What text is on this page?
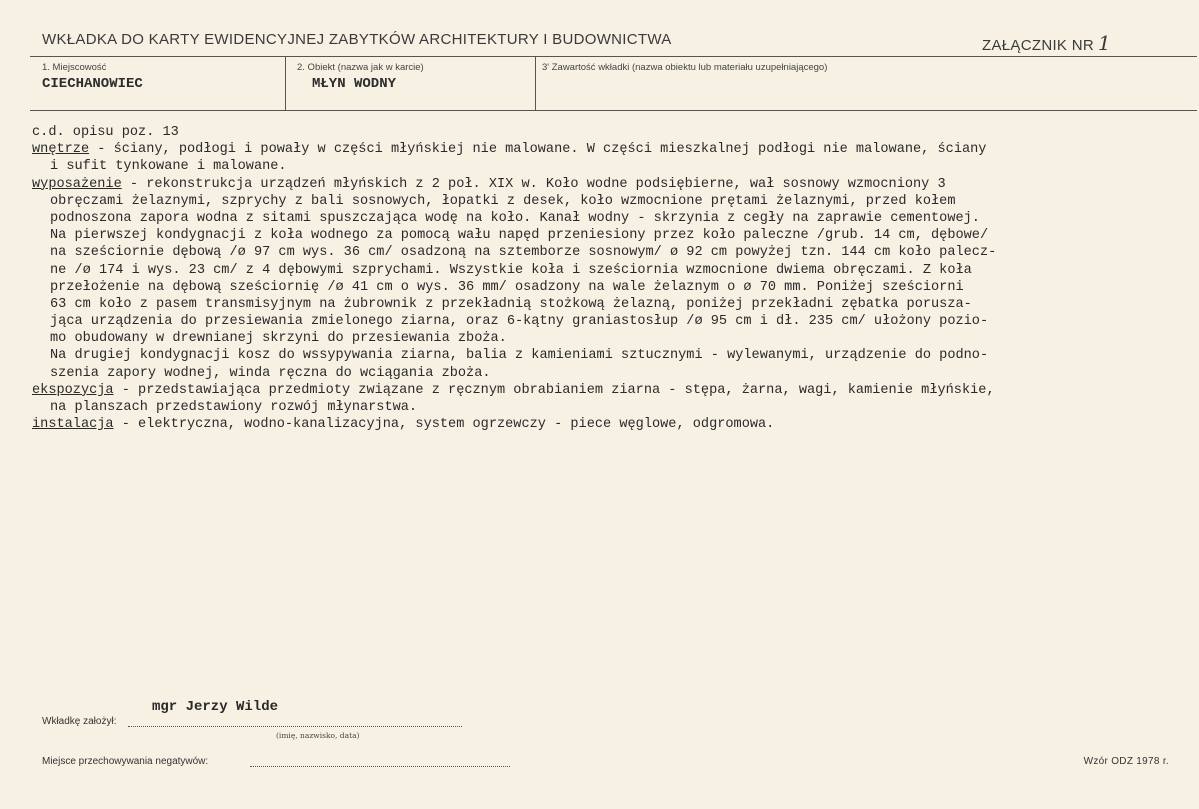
WKŁADKA DO KARTY EWIDENCYJNEJ ZABYTKÓW ARCHITEKTURY I BUDOWNICTWA	ZAŁĄCZNIK NR 1
1. Miejscowość
CIECHANOWIEC
2. Obiekt (nazwa jak w karcie)
MŁYN WODNY
3' Zawartość wkładki (nazwa obiektu lub materiału uzupełniającego)
c.d. opisu poz. 13
wnętrze - ściany, podłogi i powały w części młyńskiej nie malowane. W części mieszkalnej podłogi nie malowane, ściany
i sufit tynkowane i malowane.
wyposażenie - rekonstrukcja urządzeń młyńskich z 2 poł. XIX w. Koło wodne podsiębierne, wał sosnowy wzmocniony 3
obręczami żelaznymi, szprychy z bali sosnowych, łopatki z desek, koło wzmocnione prętami żelaznymi, przed kołem
podnoszona zapora wodna z sitami spuszczająca wodę na koło. Kanał wodny - skrzynia z cegły na zaprawie cementowej.
Na pierwszej kondygnacji z koła wodnego za pomocą wału napęd przeniesiony przez koło paleczne /grub. 14 cm, dębowe/
na sześciornie dębową /ø 97 cm wys. 36 cm/ osadzoną na sztemborze sosnowym/ ø 92 cm powyżej tzn. 144 cm koło palecz-
ne /ø 174 i wys. 23 cm/ z 4 dębowymi szprychami. Wszystkie koła i sześciornia wzmocnione dwiema obręczami. Z koła
przełożenie na dębową sześciornię /ø 41 cm o wys. 36 mm/ osadzony na wale żelaznym o ø 70 mm. Poniżej sześciorni
63 cm koło z pasem transmisyjnym na żubrownik z przekładnią stożkową żelazną, poniżej przekładni zębatka porusza-
jąca urządzenia do przesiewania zmielonego ziarna, oraz 6-kątny graniastosłup /ø 95 cm i dł. 235 cm/ ułożony pozio-
mo obudowany w drewnianej skrzyni do przesiewania zboża.
Na drugiej kondygnacji kosz do wssypywania ziarna, balia z kamieniami sztucznymi - wylewanymi, urządzenie do podno-
szenia zapory wodnej, winda ręczna do wciągania zboża.
ekspozycja - przedstawiająca przedmioty związane z ręcznym obrabianiem ziarna - stępa, żarna, wagi, kamienie młyńskie,
na planszach przedstawiony rozwój młynarstwa.
instalacja - elektryczna, wodno-kanalizacyjna, system ogrzewczy - piece węglowe, odgromowa.
mgr Jerzy Wilde
Wkładkę założył:
(imię, nazwisko, data)
Miejsce przechowywania negatywów:	Wzór ODZ 1978 r.
